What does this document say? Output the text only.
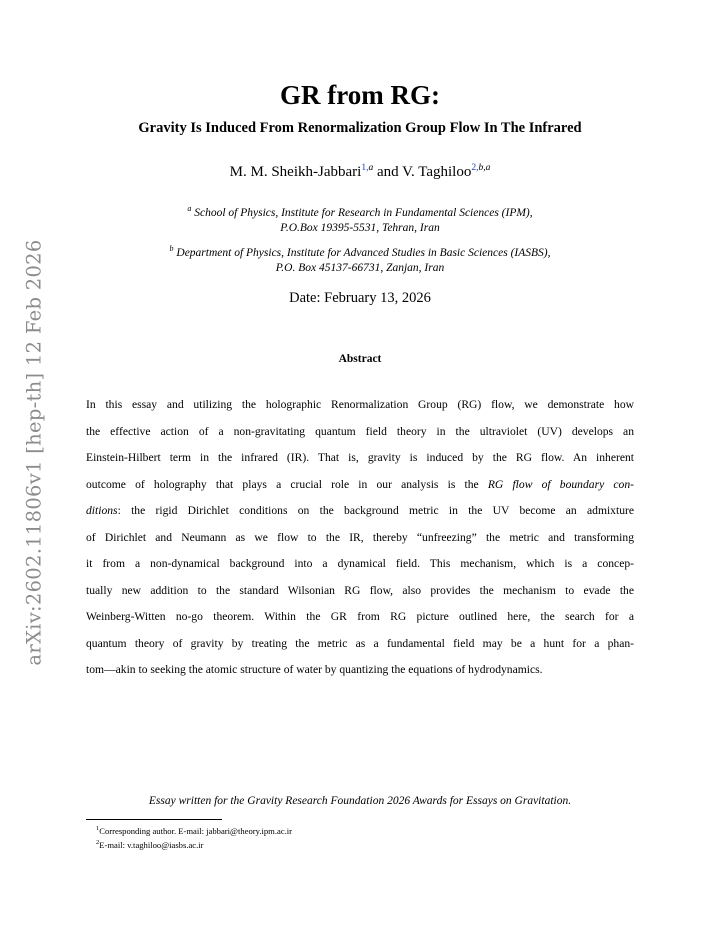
arXiv:2602.11806v1 [hep-th] 12 Feb 2026
GR from RG:
Gravity Is Induced From Renormalization Group Flow In The Infrared
M. M. Sheikh-Jabbari$^{1,a}$ and V. Taghiloo$^{2,b,a}$
$^a$ School of Physics, Institute for Research in Fundamental Sciences (IPM),
P.O.Box 19395-5531, Tehran, Iran
$^b$ Department of Physics, Institute for Advanced Studies in Basic Sciences (IASBS),
P.O. Box 45137-66731, Zanjan, Iran
Date: February 13, 2026
Abstract
In this essay and utilizing the holographic Renormalization Group (RG) flow, we demonstrate how
the effective action of a non-gravitating quantum field theory in the ultraviolet (UV) develops an
Einstein-Hilbert term in the infrared (IR). That is, gravity is induced by the RG flow. An inherent
outcome of holography that plays a crucial role in our analysis is the RG flow of boundary con-
ditions: the rigid Dirichlet conditions on the background metric in the UV become an admixture
of Dirichlet and Neumann as we flow to the IR, thereby “unfreezing” the metric and transforming
it from a non-dynamical background into a dynamical field. This mechanism, which is a concep-
tually new addition to the standard Wilsonian RG flow, also provides the mechanism to evade the
Weinberg-Witten no-go theorem. Within the GR from RG picture outlined here, the search for a
quantum theory of gravity by treating the metric as a fundamental field may be a hunt for a phan-
tom—akin to seeking the atomic structure of water by quantizing the equations of hydrodynamics.
Essay written for the Gravity Research Foundation 2026 Awards for Essays on Gravitation.
$^1$Corresponding author. E-mail: jabbari@theory.ipm.ac.ir
$^2$E-mail: v.taghiloo@iasbs.ac.ir
